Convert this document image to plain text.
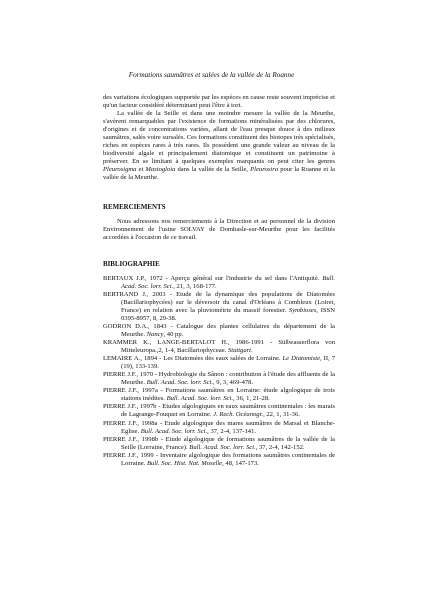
Formations saumâtres et salées de la vallée de la Roanne

des variations écologiques supportée par les espèces en cause reste souvent imprécise et qu'un facteur considéré déterminant peut l'être à tort.

La vallée de la Seille et dans une moindre mesure la vallée de la Meurthe, s'avèrent remarquables par l'existence de formations minéralisées par des chlorures, d'origines et de concentrations variées, allant de l'eau presque douce à des milieux saumâtres, salés voire sursalés. Ces formations constituent des biotopes très spécialisés, riches en espèces rares à très rares. Ils possèdent une grande valeur au niveau de la biodiversité algale et principalement diatomique et constituent un patrimoine à préserver. En se limitant à quelques exemples marquants on peut citer les genres Pleurosigma et Mastogloia dans la vallée de la Seille, Pleurosira pour la Roanne et la vallée de la Meurthe.

REMERCIEMENTS

Nous adressons nos remerciements à la Direction et au personnel de la division Environnement de l'usine SOLVAY de Dombasle-sur-Meurthe pour les facilités accordées à l'occasion de ce travail.

BIBLIOGRAPHIE

BERTAUX J.P., 1972 - Aperçu général sur l'industrie du sel dans l'Antiquité. Bull. Acad. Soc. lorr. Sci., 21, 3, 168-177.

BERTRAND J., 2003 - Etude de la dynamique des populations de Diatomées (Bacillariophycées) sur le déversoir du canal d'Orléans à Combleux (Loiret, France) en relation avec la pluviométrie du massif forestier. Symbioses, ISSN 0395-8957, 8, 29-38.

GODRON D.A., 1843 - Catalogue des plantes cellulaires du département de la Meurthe. Nancy, 40 pp.

KRAMMER K., LANGE-BERTALOT H., 1986-1991 - Süßwasserflora von Mitteleuropa.,2, 1-4, Bacillariophyceae. Stuttgart.

LEMAIRE A., 1894 - Les Diatomées des eaux salées de Lorraine. Le Diatomiste, II, 7 (19), 133-139.

PIERRE J.F., 1970 - Hydrobiologie du Sânon : contribution à l'étude des affluents de la Meurthe. Bull. Acad. Soc. lorr. Sci., 9, 3, 469-478.

PIERRE J.F., 1997a - Formations saumâtres en Lorraine: étude algologique de trois stations inédites. Bull. Acad. Soc. lorr. Sci., 36, 1, 21-28.

PIERRE J.F., 1997b - Etudes algologiques en eaux saumâtres continentales : les marais de Lagrange-Fouquet en Lorraine. J. Rech. Océanogr., 22, 1, 31-36.

PIERRE J.F., 1998a - Etude algologique des mares saumâtres de Marsal et Blanche-Eglise. Bull. Acad. Soc. lorr. Sci., 37, 2-4, 137-141.

PIERRE J.F., 1998b - Etude algologique de formations saumâtres de la vallée de la Seille (Lorraine, France). Bull. Acad. Soc. lorr. Sci., 37, 2-4, 142-152.

PIERRE J.F., 1999 - Inventaire algologique des formations saumâtres continentales de Lorraine. Bull. Soc. Hist. Nat. Moselle, 48, 147-173.
